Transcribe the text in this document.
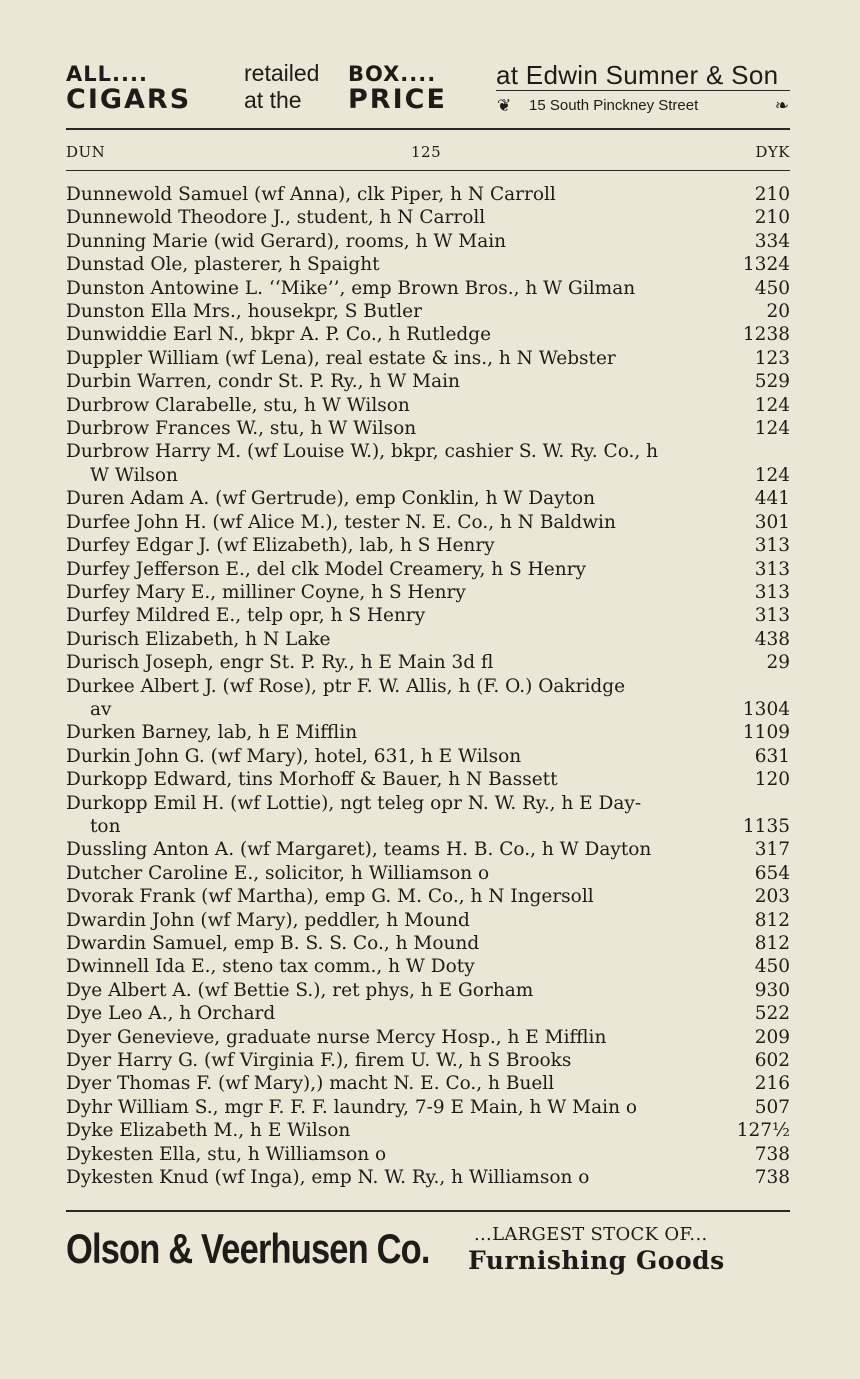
ALL....
CIGARS
retailed
at the
BOX....
PRICE
at Edwin Sumner & Son
❦ 15 South Pinckney Street	❧
DUN	125	DYK
Dunnewold Samuel (wf Anna), clk Piper, h N Carroll	210
Dunnewold Theodore J., student, h N Carroll	210
Dunning Marie (wid Gerard), rooms, h W Main	334
Dunstad Ole, plasterer, h Spaight	1324
Dunston Antowine L. ‘‘Mike’’, emp Brown Bros., h W Gilman	450
Dunston Ella Mrs., housekpr, S Butler	20
Dunwiddie Earl N., bkpr A. P. Co., h Rutledge	1238
Duppler William (wf Lena), real estate & ins., h N Webster	123
Durbin Warren, condr St. P. Ry., h W Main	529
Durbrow Clarabelle, stu, h W Wilson	124
Durbrow Frances W., stu, h W Wilson	124
Durbrow Harry M. (wf Louise W.), bkpr, cashier S. W. Ry. Co., h
W Wilson	124
Duren Adam A. (wf Gertrude), emp Conklin, h W Dayton	441
Durfee John H. (wf Alice M.), tester N. E. Co., h N Baldwin	301
Durfey Edgar J. (wf Elizabeth), lab, h S Henry	313
Durfey Jefferson E., del clk Model Creamery, h S Henry	313
Durfey Mary E., milliner Coyne, h S Henry	313
Durfey Mildred E., telp opr, h S Henry	313
Durisch Elizabeth, h N Lake	438
Durisch Joseph, engr St. P. Ry., h E Main 3d fl	29
Durkee Albert J. (wf Rose), ptr F. W. Allis, h (F. O.) Oakridge
av	1304
Durken Barney, lab, h E Mifflin	1109
Durkin John G. (wf Mary), hotel, 631, h E Wilson	631
Durkopp Edward, tins Morhoff & Bauer, h N Bassett	120
Durkopp Emil H. (wf Lottie), ngt teleg opr N. W. Ry., h E Day-
ton	1135
Dussling Anton A. (wf Margaret), teams H. B. Co., h W Dayton	317
Dutcher Caroline E., solicitor, h Williamson o	654
Dvorak Frank (wf Martha), emp G. M. Co., h N Ingersoll	203
Dwardin John (wf Mary), peddler, h Mound	812
Dwardin Samuel, emp B. S. S. Co., h Mound	812
Dwinnell Ida E., steno tax comm., h W Doty	450
Dye Albert A. (wf Bettie S.), ret phys, h E Gorham	930
Dye Leo A., h Orchard	522
Dyer Genevieve, graduate nurse Mercy Hosp., h E Mifflin	209
Dyer Harry G. (wf Virginia F.), firem U. W., h S Brooks	602
Dyer Thomas F. (wf Mary),) macht N. E. Co., h Buell	216
Dyhr William S., mgr F. F. F. laundry, 7-9 E Main, h W Main o	507
Dyke Elizabeth M., h E Wilson	127½
Dykesten Ella, stu, h Williamson o	738
Dykesten Knud (wf Inga), emp N. W. Ry., h Williamson o	738
Olson & Veerhusen Co. ...LARGEST STOCK OF...
Furnishing Goods
